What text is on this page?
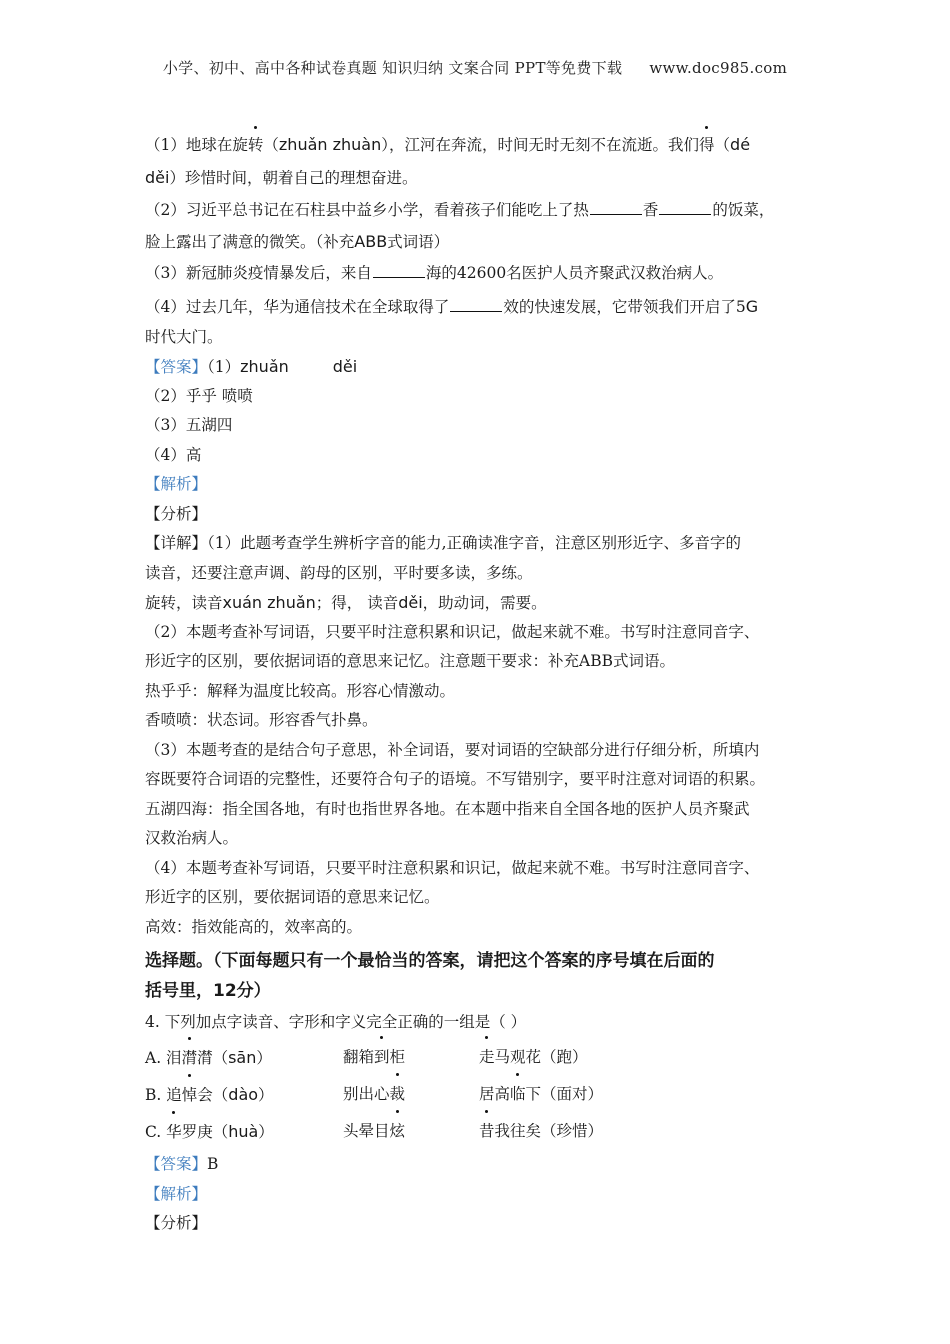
小学、初中、高中各种试卷真题 知识归纳 文案合同 PPT等免费下载 www.doc985.com
（1）地球在旋转（zhuǎn zhuàn），江河在奔流，时间无时无刻不在流逝。我们得（dé
děi）珍惜时间，朝着自己的理想奋进。
（2）习近平总书记在石柱县中益乡小学，看着孩子们能吃上了热	香	的饭菜，
脸上露出了满意的微笑。（补充ABB式词语）
（3）新冠肺炎疫情暴发后，来自	海的42600名医护人员齐聚武汉救治病人。
（4）过去几年，华为通信技术在全球取得了	效的快速发展，它带领我们开启了5G
时代大门。
【答案】（1）zhuǎn	děi
（2）乎乎 喷喷
（3）五湖四
（4）高
【解析】
【分析】
【详解】（1）此题考查学生辨析字音的能力,正确读准字音，注意区别形近字、多音字的
读音，还要注意声调、韵母的区别，平时要多读，多练。
旋转，读音xuán zhuǎn；得， 读音děi，助动词，需要。
（2）本题考查补写词语，只要平时注意积累和识记，做起来就不难。书写时注意同音字、
形近字的区别，要依据词语的意思来记忆。注意题干要求：补充ABB式词语。
热乎乎：解释为温度比较高。形容心情激动。
香喷喷：状态词。形容香气扑鼻。
（3）本题考查的是结合句子意思，补全词语，要对词语的空缺部分进行仔细分析，所填内
容既要符合词语的完整性，还要符合句子的语境。不写错别字，要平时注意对词语的积累。
五湖四海：指全国各地，有时也指世界各地。在本题中指来自全国各地的医护人员齐聚武
汉救治病人。
（4）本题考查补写词语，只要平时注意积累和识记，做起来就不难。书写时注意同音字、
形近字的区别，要依据词语的意思来记忆。
高效：指效能高的，效率高的。
选择题。（下面每题只有一个最恰当的答案，请把这个答案的序号填在后面的
括号里，12分）
4. 下列加点字读音、字形和字义完全正确的一组是（ ）
A. 泪潸潸（sān）	翻箱到柜	走马观花（跑）
B. 追悼会（dào）	别出心裁	居高临下（面对）
C. 华罗庚（huà）	头晕目炫	昔我往矣（珍惜）
【答案】B
【解析】
【分析】
